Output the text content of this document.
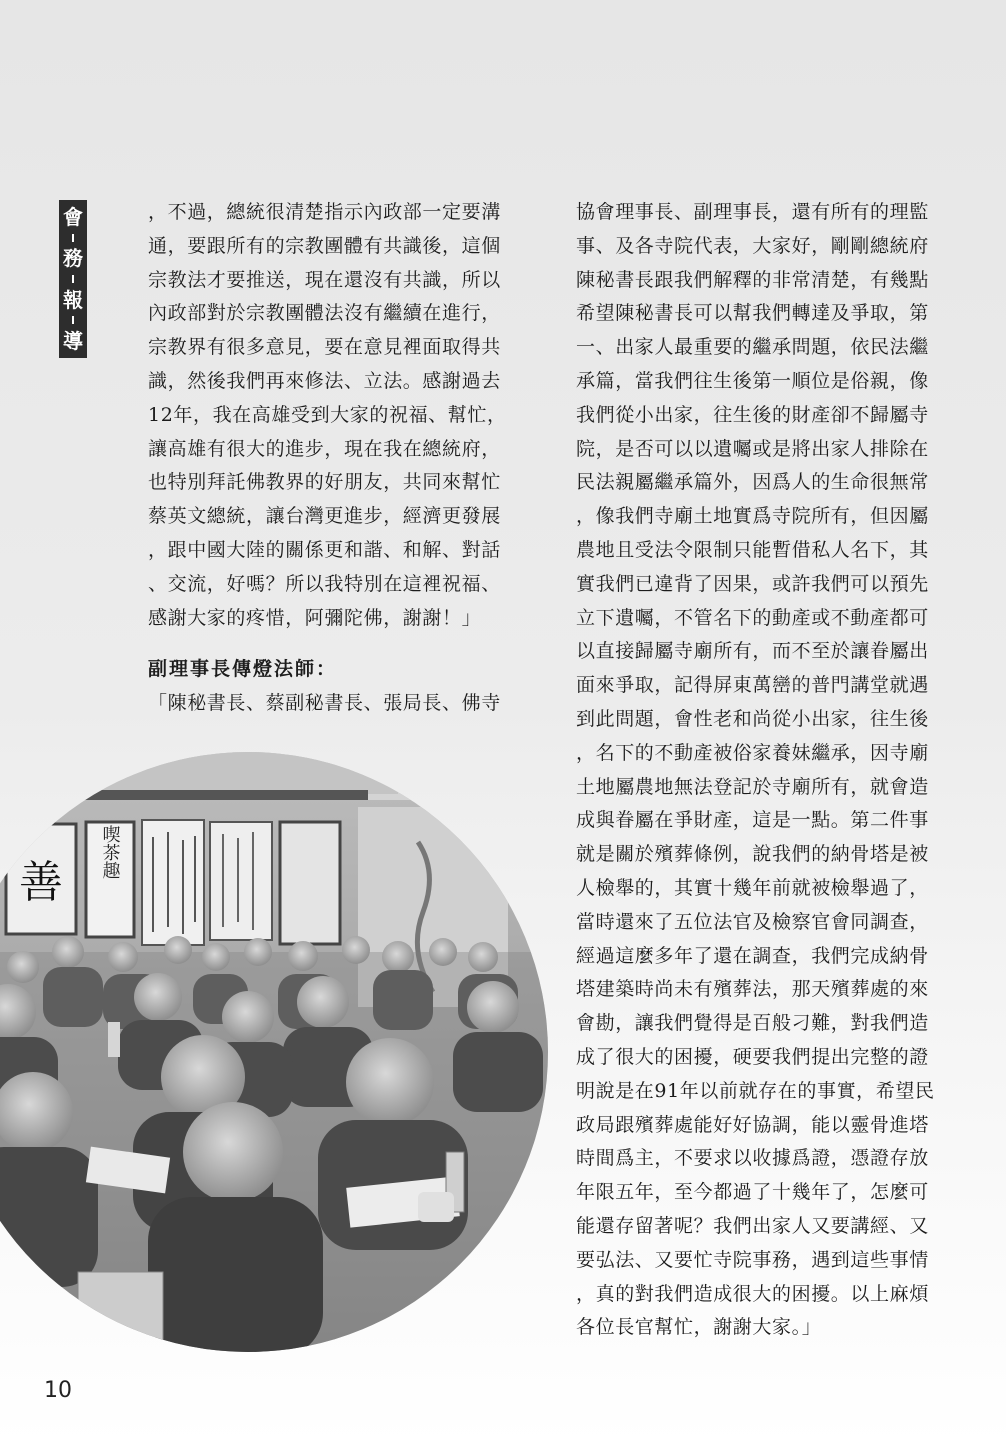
會
務
報
導

，不過，總統很清楚指示內政部一定要溝

通，要跟所有的宗教團體有共識後，這個

宗教法才要推送，現在還沒有共識，所以

內政部對於宗教團體法沒有繼續在進行，

宗教界有很多意見，要在意見裡面取得共

識，然後我們再來修法、立法。感謝過去

12年，我在高雄受到大家的祝福、幫忙，

讓高雄有很大的進步，現在我在總統府，

也特別拜託佛教界的好朋友，共同來幫忙

蔡英文總統，讓台灣更進步，經濟更發展

，跟中國大陸的關係更和諧、和解、對話

、交流，好嗎？所以我特別在這裡祝福、

感謝大家的疼惜，阿彌陀佛，謝謝！」

副理事長傳燈法師：

「陳秘書長、蔡副秘書長、張局長、佛寺

協會理事長、副理事長，還有所有的理監

事、及各寺院代表，大家好，剛剛總統府

陳秘書長跟我們解釋的非常清楚，有幾點

希望陳秘書長可以幫我們轉達及爭取，第

一、出家人最重要的繼承問題，依民法繼

承篇，當我們往生後第一順位是俗親，像

我們從小出家，往生後的財產卻不歸屬寺

院，是否可以以遺囑或是將出家人排除在

民法親屬繼承篇外，因爲人的生命很無常

，像我們寺廟土地實爲寺院所有，但因屬

農地且受法令限制只能暫借私人名下，其

實我們已違背了因果，或許我們可以預先

立下遺囑，不管名下的動產或不動產都可

以直接歸屬寺廟所有，而不至於讓眷屬出

面來爭取，記得屏東萬巒的普門講堂就遇

到此問題，會性老和尚從小出家，往生後

，名下的不動產被俗家養妹繼承，因寺廟

土地屬農地無法登記於寺廟所有，就會造

成與眷屬在爭財產，這是一點。第二件事

就是關於殯葬條例，說我們的納骨塔是被

人檢舉的，其實十幾年前就被檢舉過了，

當時還來了五位法官及檢察官會同調查，

經過這麼多年了還在調查，我們完成納骨

塔建築時尚未有殯葬法，那天殯葬處的來

會勘，讓我們覺得是百般刁難，對我們造

成了很大的困擾，硬要我們提出完整的證

明說是在91年以前就存在的事實，希望民

政局跟殯葬處能好好協調，能以靈骨進塔

時間爲主，不要求以收據爲證，憑證存放

年限五年，至今都過了十幾年了，怎麼可

能還存留著呢？我們出家人又要講經、又

要弘法、又要忙寺院事務，遇到這些事情

，真的對我們造成很大的困擾。以上麻煩

各位長官幫忙，謝謝大家。」

善
喫茶趣
10
